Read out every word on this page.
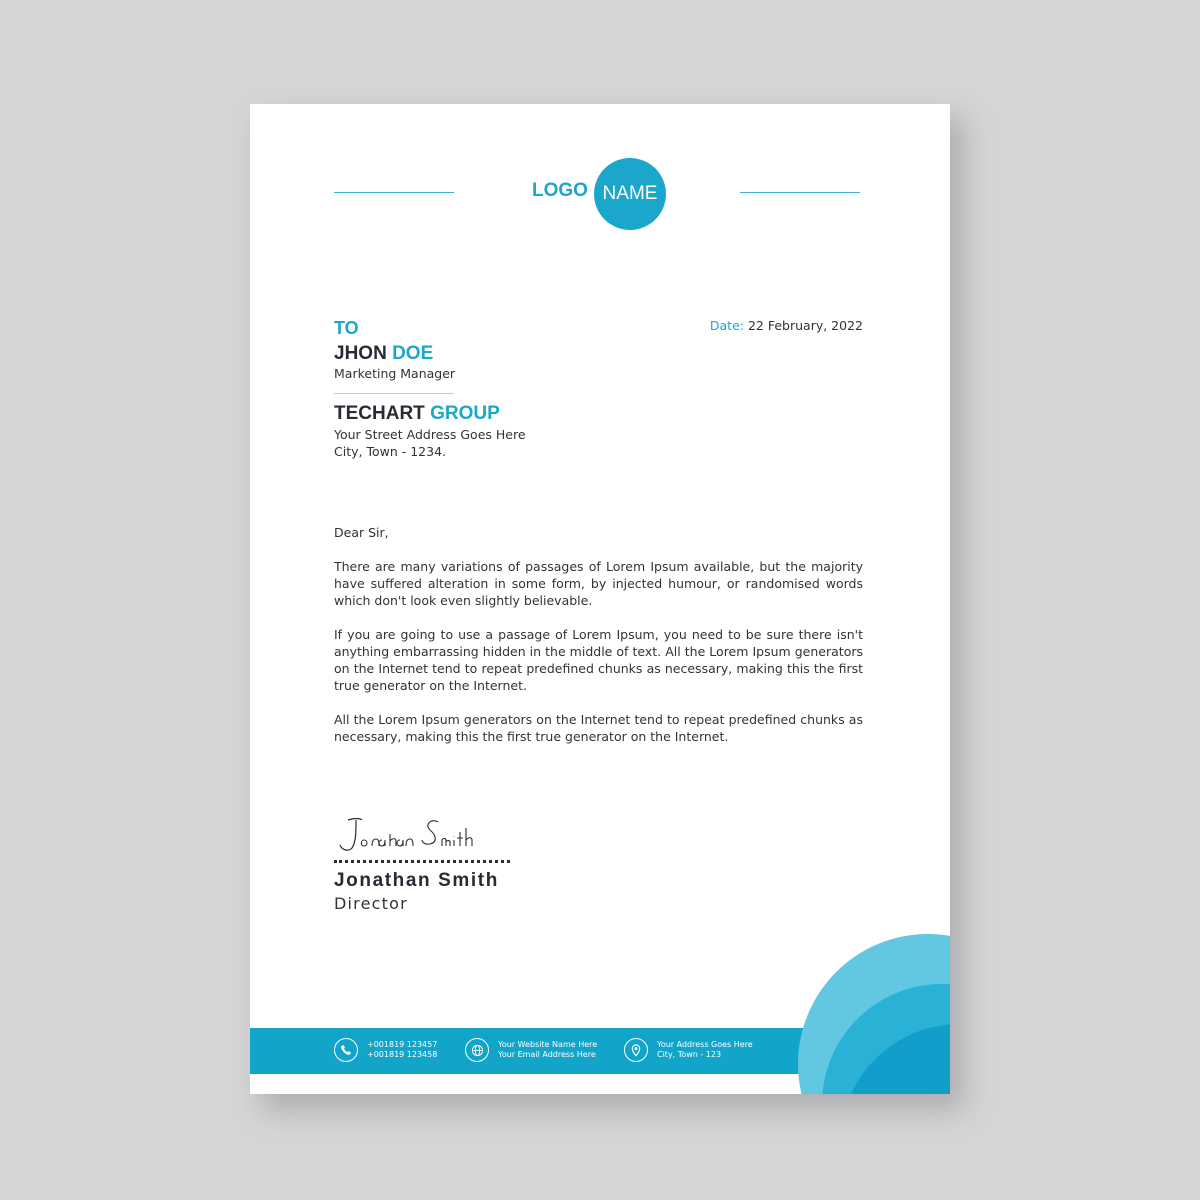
LOGO NAME
TO	Date: 22 February, 2022
JHON DOE
Marketing Manager
TECHART GROUP
Your Street Address Goes Here
City, Town - 1234.

Dear Sir,

There are many variations of passages of Lorem Ipsum available, but the majority have suffered alteration in some form, by injected humour, or randomised words which don't look even slightly believable.

If you are going to use a passage of Lorem Ipsum, you need to be sure there isn't anything embarrassing hidden in the middle of text. All the Lorem Ipsum generators on the Internet tend to repeat predefined chunks as necessary, making this the first true generator on the Internet.

All the Lorem Ipsum generators on the Internet tend to repeat predefined chunks as necessary, making this the first true generator on the Internet.

Jonathan Smith
Director
+001819 123457
+001819 123458
Your Website Name Here
Your Email Address Here
Your Address Goes Here
City, Town - 123
